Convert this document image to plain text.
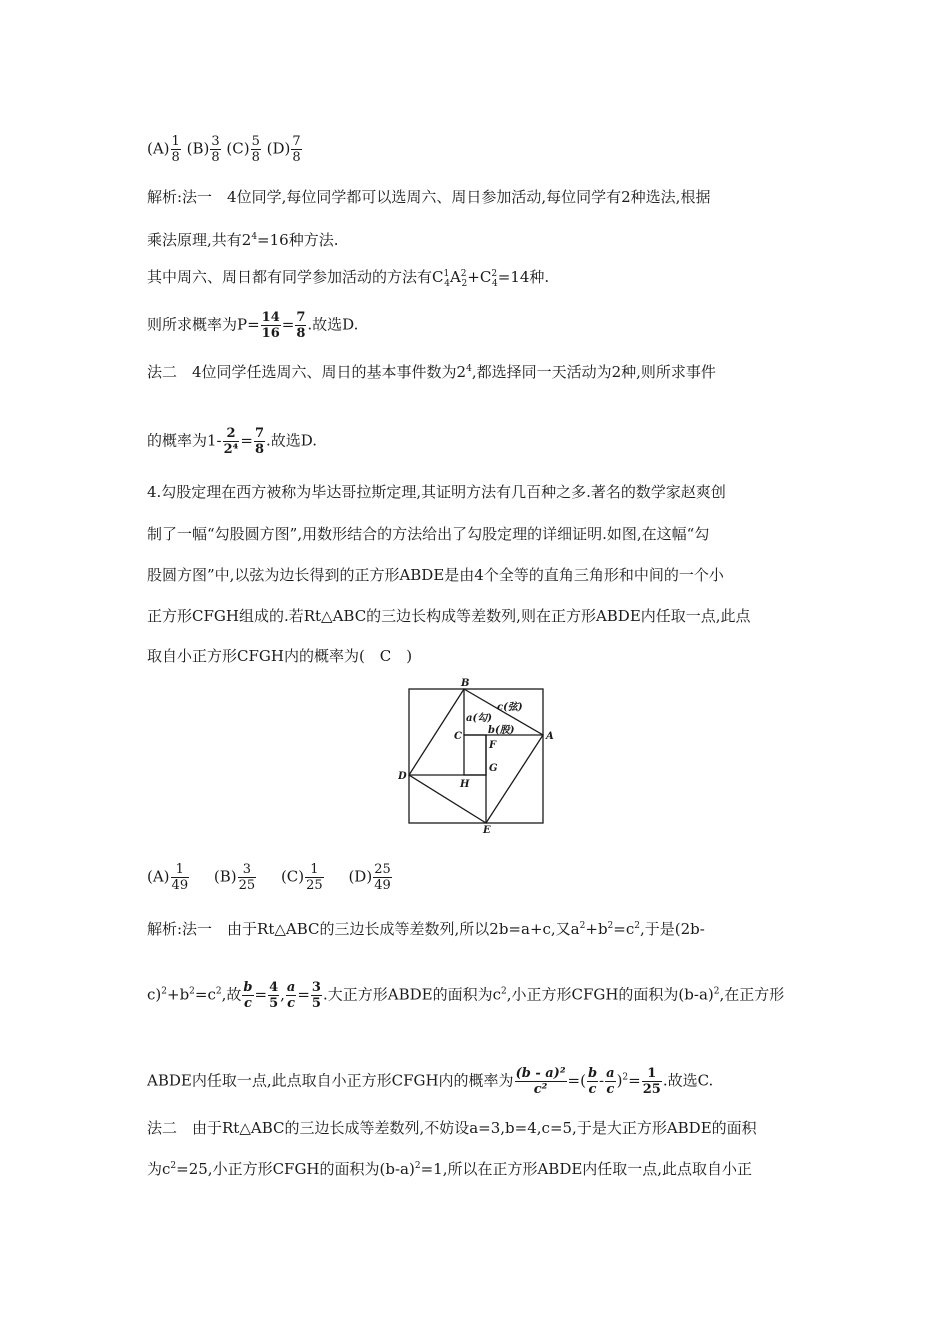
$(A) \frac{1}{8} (B) \frac{3}{8} (C) \frac{5}{8} (D) \frac{7}{8}$
解析:法一　4位同学,每位同学都可以选周六、周日参加活动,每位同学有2种选法,根据
乘法原理,共有$2^4=16$种方法.
其中周六、周日都有同学参加活动的方法有$C^1_4A^2_2+C^2_4=14$种.
则所求概率为$P= \frac{14}{16} = \frac{7}{8}$ .故选D.
法二　4位同学任选周六、周日的基本事件数为$2^4$,都选择同一天活动为2种,则所求事件
的概率为$1- \frac{2}{\text{2⁴}} = \frac{7}{8}$ .故选D.
4.勾股定理在西方被称为毕达哥拉斯定理,其证明方法有几百种之多.著名的数学家赵爽创
制了一幅“勾股圆方图”,用数形结合的方法给出了勾股定理的详细证明.如图,在这幅“勾
股圆方图”中,以弦为边长得到的正方形ABDE是由4个全等的直角三角形和中间的一个小
正方形CFGH组成的.若Rt△ABC的三边长构成等差数列,则在正方形ABDE内任取一点,此点
取自小正方形CFGH内的概率为(　C　)
B
A
D
E
C
F
G
H
c(弦)
a(勾)
b(股)
$(A) \frac{1}{49} (B) \frac{3}{25} (C) \frac{1}{25} (D) \frac{25}{49}$
解析:法一　由于Rt△ABC的三边长成等差数列,所以2b=a+c,又$a^2+b^2=c^2$,于是(2b-
$c)^2+b^2=c^2$,故 $\frac{b}{c} = \frac{4}{5}$ , $\frac{a}{c} = \frac{3}{5}$ .大正方形ABDE的面积为$c^2$,小正方形CFGH的面积为$(b-a)^2$,在正方形
ABDE内任取一点,此点取自小正方形CFGH内的概率为 $\frac{\text{(b - a)²}}{\text{c²}}$ =( $\frac{b}{c} - \frac{a}{c} )^2= \frac{1}{25}$ .故选C.
法二　由于Rt△ABC的三边长成等差数列,不妨设a=3,b=4,c=5,于是大正方形ABDE的面积
为$c^2=25$,小正方形CFGH的面积为$(b-a)^2=1$,所以在正方形ABDE内任取一点,此点取自小正
